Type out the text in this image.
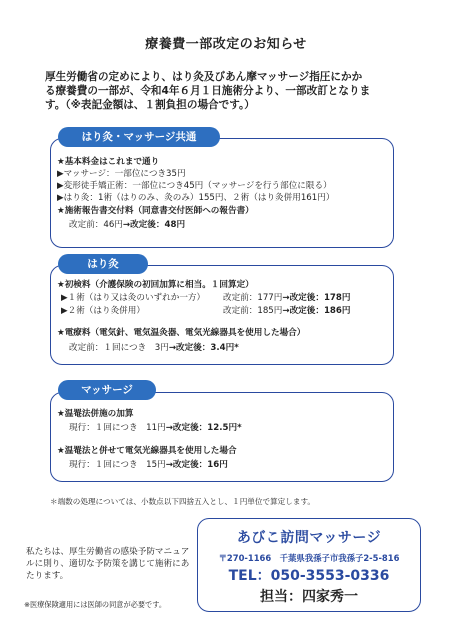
療養費一部改定のお知らせ
厚生労働省の定めにより、はり灸及びあん摩マッサージ指圧にかか
る療養費の一部が、令和4年６月１日施術分より、一部改訂となりま
す。（※表記金額は、１割負担の場合です。）
★基本料金はこれまで通り
▶マッサージ：一部位につき35円
▶変形徒手矯正術：一部位につき45円（マッサージを行う部位に限る）
▶はり灸：1術（はりのみ、灸のみ）155円、２術（はり灸併用161円）
★施術報告書交付料（同意書交付医師への報告書）
改定前：46円→改定後：48円
はり灸・マッサージ共通
★初検料（介護保険の初回加算に相当。１回算定）
▶１術（はり又は灸のいずれか一方） 改定前：177円→改定後：178円
▶２術（はり灸併用）	改定前：185円→改定後：186円
★電療料（電気針、電気温灸器、電気光線器具を使用した場合）
改定前：１回につき　3円→改定後：3.4円*
はり灸
★温罨法併施の加算
現行：１回につき　11円→改定後：12.5円*
★温罨法と併せて電気光線器具を使用した場合
現行：１回につき　15円→改定後：16円
マッサージ
＊端数の処理については、小数点以下四捨五入とし、１円単位で算定します。
私たちは、厚生労働省の感染予防マニュアルに則り、適切な予防策を講じて施術にあたります。
※医療保険適用には医師の同意が必要です。
あびこ訪問マッサージ
〒270-1166　千葉県我孫子市我孫子2-5-816
TEL：050-3553-0336
担当：四家秀一
